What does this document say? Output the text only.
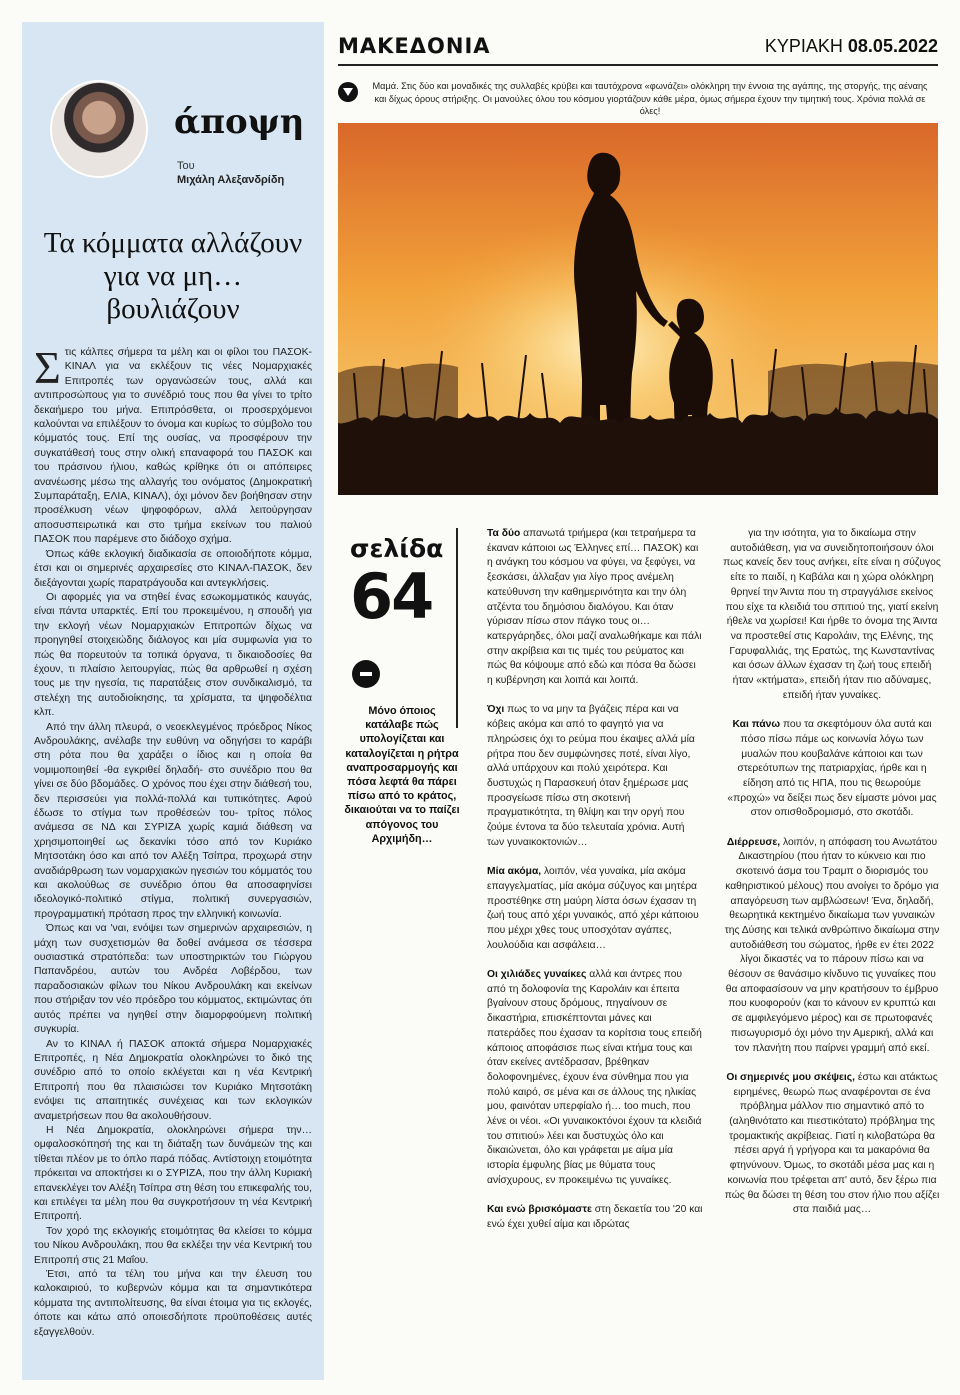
άποψη
Του
Μιχάλη Αλεξανδρίδη
Τα κόμματα αλλάζουν
για να μη… βουλιάζουν

Στις κάλπες σήμερα τα μέλη και οι φίλοι του ΠΑΣΟΚ- ΚΙΝΑΛ για να εκλέξουν τις νέες Νομαρχιακές Επιτροπές των οργανώσεών τους, αλλά και αντιπροσώπους για το συνέδριό τους που θα γίνει το τρίτο δεκαήμερο του μήνα. Επιπρόσθετα, οι προσερχόμενοι καλούνται να επιλέξουν το όνομα και κυρίως το σύμβολο του κόμματός τους. Επί της ουσίας, να προσφέρουν την συγκατάθεσή τους στην ολική επαναφορά του ΠΑΣΟΚ και του πράσινου ήλιου, καθώς κρίθηκε ότι οι απόπειρες ανανέωσης μέσω της αλλαγής του ονόματος (Δημοκρατική Συμπαράταξη, ΕΛΙΑ, ΚΙΝΑΛ), όχι μόνον δεν βοήθησαν στην προσέλκυση νέων ψηφοφόρων, αλλά λειτούργησαν αποσυσπειρωτικά και στο τμήμα εκείνων του παλιού ΠΑΣΟΚ που παρέμενε στο διάδοχο σχήμα.

Όπως κάθε εκλογική διαδικασία σε οποιοδήποτε κόμμα, έτσι και οι σημερινές αρχαιρεσίες στο ΚΙΝΑΛ-ΠΑΣΟΚ, δεν διεξάγονται χωρίς παρατράγουδα και αντεγκλήσεις.

Οι αφορμές για να στηθεί ένας εσωκομματικός καυγάς, είναι πάντα υπαρκτές. Επί του προκειμένου, η σπουδή για την εκλογή νέων Νομαρχιακών Επιτροπών δίχως να προηγηθεί στοιχειώδης διάλογος και μία συμφωνία για το πώς θα πορευτούν τα τοπικά όργανα, τι δικαιοδοσίες θα έχουν, τι πλαίσιο λειτουργίας, πώς θα αρθρωθεί η σχέση τους με την ηγεσία, τις παρατάξεις στον συνδικαλισμό, τα στελέχη της αυτοδιοίκησης, τα χρίσματα, τα ψηφοδέλτια κλπ.

Από την άλλη πλευρά, ο νεοεκλεγμένος πρόεδρος Νίκος Ανδρουλάκης, ανέλαβε την ευθύνη να οδηγήσει το καράβι στη ρότα που θα χαράξει ο ίδιος και η οποία θα νομιμοποιηθεί -θα εγκριθεί δηλαδή- στο συνέδριο που θα γίνει σε δύο βδομάδες. Ο χρόνος που έχει στην διάθεσή του, δεν περισσεύει για πολλά-πολλά και τυπικότητες. Αφού έδωσε το στίγμα των προθέσεών του- τρίτος πόλος ανάμεσα σε ΝΔ και ΣΥΡΙΖΑ χωρίς καμιά διάθεση να χρησιμοποιηθεί ως δεκανίκι τόσο από τον Κυριάκο Μητσοτάκη όσο και από τον Αλέξη Τσίπρα, προχωρά στην αναδιάρθρωση των νομαρχιακών ηγεσιών του κόμματός του και ακολούθως σε συνέδριο όπου θα αποσαφηνίσει ιδεολογικό-πολιτικό στίγμα, πολιτική συνεργασιών, προγραμματική πρόταση προς την ελληνική κοινωνία.

Όπως και να 'ναι, ενόψει των σημερινών αρχαιρεσιών, η μάχη των συσχετισμών θα δοθεί ανάμεσα σε τέσσερα ουσιαστικά στρατόπεδα: των υποστηρικτών του Γιώργου Παπανδρέου, αυτών του Ανδρέα Λοβέρδου, των παραδοσιακών φίλων του Νίκου Ανδρουλάκη και εκείνων που στήριξαν τον νέο πρόεδρο του κόμματος, εκτιμώντας ότι αυτός πρέπει να ηγηθεί στην διαμορφούμενη πολιτική συγκυρία.

Αν το ΚΙΝΑΛ ή ΠΑΣΟΚ αποκτά σήμερα Νομαρχιακές Επιτροπές, η Νέα Δημοκρατία ολοκληρώνει το δικό της συνέδριο από το οποίο εκλέγεται και η νέα Κεντρική Επιτροπή που θα πλαισιώσει τον Κυριάκο Μητσοτάκη ενόψει τις απαιτητικές συνέχειας και των εκλογικών αναμετρήσεων που θα ακολουθήσουν.

Η Νέα Δημοκρατία, ολοκληρώνει σήμερα την… ομφαλοσκόπησή της και τη διάταξη των δυνάμεών της και τίθεται πλέον με το όπλο παρά πόδας. Αντίστοιχη ετοιμότητα πρόκειται να αποκτήσει κι ο ΣΥΡΙΖΑ, που την άλλη Κυριακή επανεκλέγει τον Αλέξη Τσίπρα στη θέση του επικεφαλής του, και επιλέγει τα μέλη που θα συγκροτήσουν τη νέα Κεντρική Επιτροπή.

Τον χορό της εκλογικής ετοιμότητας θα κλείσει το κόμμα του Νίκου Ανδρουλάκη, που θα εκλέξει την νέα Κεντρική του Επιτροπή στις 21 Μαΐου.

Έτσι, από τα τέλη του μήνα και την έλευση του καλοκαιριού, το κυβερνών κόμμα και τα σημαντικότερα κόμματα της αντιπολίτευσης, θα είναι έτοιμα για τις εκλογές, όποτε και κάτω από οποιεσδήποτε προϋποθέσεις αυτές εξαγγελθούν.

ΜΑΚΕΔΟΝΙΑ	ΚΥΡΙΑΚΗ 08.05.2022
Μαμά. Στις δύο και μοναδικές της συλλαβές κρύβει και ταυτόχρονα «φωνάζει» ολόκληρη την έννοια της αγάπης, της στοργής, της αέναης και δίχως όρους στήριξης. Οι μανούλες όλου του κόσμου γιορτάζουν κάθε μέρα, όμως σήμερα έχουν την τιμητική τους. Χρόνια πολλά σε όλες!
σελίδα
64
Μόνο όποιος κατάλαβε πώς υπολογίζεται και καταλογίζεται η ρήτρα αναπροσαρμογής και πόσα λεφτά θα πάρει πίσω από το κράτος, δικαιούται να το παίζει απόγονος του Αρχιμήδη…

Τα δύο απανωτά τριήμερα (και τετραήμερα τα έκαναν κάποιοι ως Έλληνες επί… ΠΑΣΟΚ) και η ανάγκη του κόσμου να φύγει, να ξεφύγει, να ξεσκάσει, άλλαξαν για λίγο προς ανέμελη κατεύθυνση την καθημερινότητα και την όλη ατζέντα του δημόσιου διαλόγου. Και όταν γύρισαν πίσω στον πάγκο τους οι… κατεργάρηδες, όλοι μαζί αναλωθήκαμε και πάλι στην ακρίβεια και τις τιμές του ρεύματος και πώς θα κόψουμε από εδώ και πόσα θα δώσει η κυβέρνηση και λοιπά και λοιπά.

Όχι πως το να μην τα βγάζεις πέρα και να κόβεις ακόμα και από το φαγητό για να πληρώσεις όχι το ρεύμα που έκαψες αλλά μία ρήτρα που δεν συμφώνησες ποτέ, είναι λίγο, αλλά υπάρχουν και πολύ χειρότερα. Και δυστυχώς η Παρασκευή όταν ξημέρωσε μας προσγείωσε πίσω στη σκοτεινή πραγματικότητα, τη θλίψη και την οργή που ζούμε έντονα τα δύο τελευταία χρόνια. Αυτή των γυναικοκτονιών…

Μία ακόμα, λοιπόν, νέα γυναίκα, μία ακόμα επαγγελματίας, μία ακόμα σύζυγος και μητέρα προστέθηκε στη μαύρη λίστα όσων έχασαν τη ζωή τους από χέρι γυναικός, από χέρι κάποιου που μέχρι χθες τους υποσχόταν αγάπες, λουλούδια και ασφάλεια…

Οι χιλιάδες γυναίκες αλλά και άντρες που από τη δολοφονία της Καρολάιν και έπειτα βγαίνουν στους δρόμους, πηγαίνουν σε δικαστήρια, επισκέπτονται μάνες και πατεράδες που έχασαν τα κορίτσια τους επειδή κάποιος αποφάσισε πως είναι κτήμα τους και όταν εκείνες αντέδρασαν, βρέθηκαν δολοφονημένες, έχουν ένα σύνθημα που για πολύ καιρό, σε μένα και σε άλλους της ηλικίας μου, φαινόταν υπερφίαλο ή… too much, που λένε οι νέοι. «Οι γυναικοκτόνοι έχουν τα κλειδιά του σπιτιού» λέει και δυστυχώς όλο και δικαιώνεται, όλο και γράφεται με αίμα μία ιστορία έμφυλης βίας με θύματα τους ανίσχυρους, εν προκειμένω τις γυναίκες.

Και ενώ βρισκόμαστε στη δεκαετία του '20 και ενώ έχει χυθεί αίμα και ιδρώτας

για την ισότητα, για το δικαίωμα στην αυτοδιάθεση, για να συνειδητοποιήσουν όλοι πως κανείς δεν τους ανήκει, είτε είναι η σύζυγος είτε το παιδί, η Καβάλα και η χώρα ολόκληρη θρηνεί την Άιντα που τη στραγγάλισε εκείνος που είχε τα κλειδιά του σπιτιού της, γιατί εκείνη ήθελε να χωρίσει! Και ήρθε το όνομα της Άιντα να προστεθεί στις Καρολάιν, της Ελένης, της Γαρυφαλλιάς, της Ερατώς, της Κωνσταντίνας και όσων άλλων έχασαν τη ζωή τους επειδή ήταν «κτήματα», επειδή ήταν πιο αδύναμες, επειδή ήταν γυναίκες.

Και πάνω που τα σκεφτόμουν όλα αυτά και πόσο πίσω πάμε ως κοινωνία λόγω των μυαλών που κουβαλάνε κάποιοι και των στερεότυπων της πατριαρχίας, ήρθε και η είδηση από τις ΗΠΑ, που τις θεωρούμε «προχώ» να δείξει πως δεν είμαστε μόνοι μας στον οπισθοδρομισμό, στο σκοτάδι.

Διέρρευσε, λοιπόν, η απόφαση του Ανωτάτου Δικαστηρίου (που ήταν το κύκνειο και πιο σκοτεινό άσμα του Τραμπ ο διορισμός του καθηριστικού μέλους) που ανοίγει το δρόμο για απαγόρευση των αμβλώσεων! Ένα, δηλαδή, θεωρητικά κεκτημένο δικαίωμα των γυναικών της Δύσης και τελικά ανθρώπινο δικαίωμα στην αυτοδιάθεση του σώματος, ήρθε εν έτει 2022 λίγοι δικαστές να το πάρουν πίσω και να θέσουν σε θανάσιμο κίνδυνο τις γυναίκες που θα αποφασίσουν να μην κρατήσουν το έμβρυο που κυοφορούν (και το κάνουν εν κρυπτώ και σε αμφιλεγόμενο μέρος) και σε πρωτοφανές πισωγυρισμό όχι μόνο την Αμερική, αλλά και τον πλανήτη που παίρνει γραμμή από εκεί.

Οι σημερινές μου σκέψεις, έστω και ατάκτως ειρημένες, θεωρώ πως αναφέρονται σε ένα πρόβλημα μάλλον πιο σημαντικό από το (αληθινότατο και πιεστικότατο) πρόβλημα της τρομακτικής ακρίβειας. Γιατί η κιλοβατώρα θα πέσει αργά ή γρήγορα και τα μακαρόνια θα φτηνύνουν. Όμως, το σκοτάδι μέσα μας και η κοινωνία που τρέφεται απ' αυτό, δεν ξέρω πια πώς θα δώσει τη θέση του στον ήλιο που αξίζει στα παιδιά μας…
